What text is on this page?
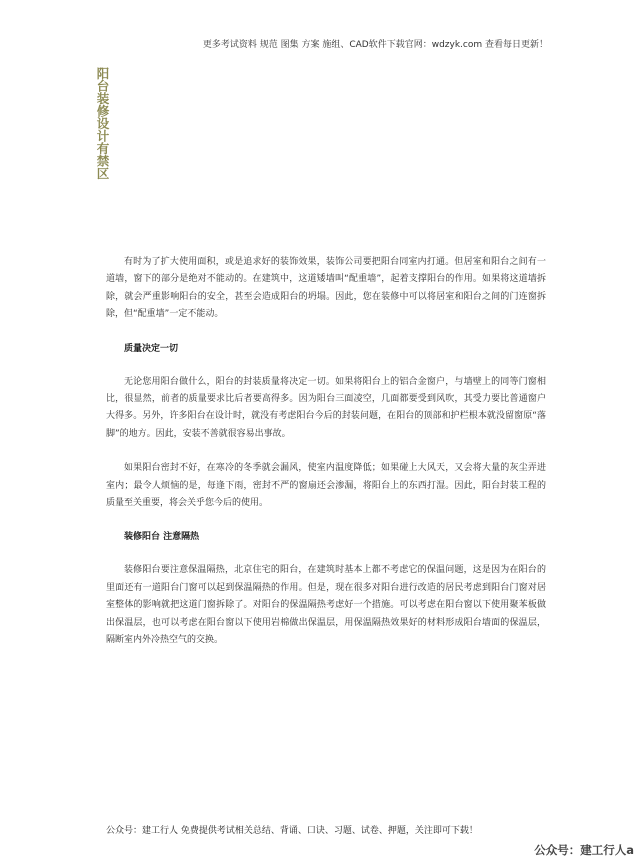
更多考试资料 规范 图集 方案 施组、CAD软件下载官网：wdzyk.com 查看每日更新！
阳台装修设计有禁区

有时为了扩大使用面积，或是追求好的装饰效果，装饰公司要把阳台同室内打通。但居室和阳台之间有一道墙，窗下的部分是绝对不能动的。在建筑中，这道矮墙叫“配重墙”，起着支撑阳台的作用。如果将这道墙拆除，就会严重影响阳台的安全，甚至会造成阳台的坍塌。因此，您在装修中可以将居室和阳台之间的门连窗拆除，但“配重墙”一定不能动。

质量决定一切

无论您用阳台做什么，阳台的封装质量将决定一切。如果将阳台上的铝合金窗户，与墙壁上的同等门窗相比，很显然，前者的质量要求比后者要高得多。因为阳台三面凌空，几面都要受到风吹，其受力要比普通窗户大得多。另外，许多阳台在设计时，就没有考虑阳台今后的封装问题，在阳台的顶部和护栏根本就没留窗原“落脚”的地方。因此，安装不善就很容易出事故。

如果阳台密封不好，在寒冷的冬季就会漏风，使室内温度降低；如果碰上大风天，又会将大量的灰尘弄进室内；最令人烦恼的是，每逢下雨，密封不严的窗扇还会渗漏，将阳台上的东西打湿。因此，阳台封装工程的质量至关重要，将会关乎您今后的使用。

装修阳台 注意隔热

装修阳台要注意保温隔热，北京住宅的阳台，在建筑时基本上都不考虑它的保温问题，这是因为在阳台的里面还有一道阳台门窗可以起到保温隔热的作用。但是，现在很多对阳台进行改造的居民考虑到阳台门窗对居室整体的影响就把这道门窗拆除了。对阳台的保温隔热考虑好一个措施。可以考虑在阳台窗以下使用聚苯板做出保温层，也可以考虑在阳台窗以下使用岩棉做出保温层，用保温隔热效果好的材料形成阳台墙面的保温层，隔断室内外冷热空气的交换。

公众号：建工行人 免费提供考试相关总结、背诵、口诀、习题、试卷、押题，关注即可下载！
公众号：建工行人a
